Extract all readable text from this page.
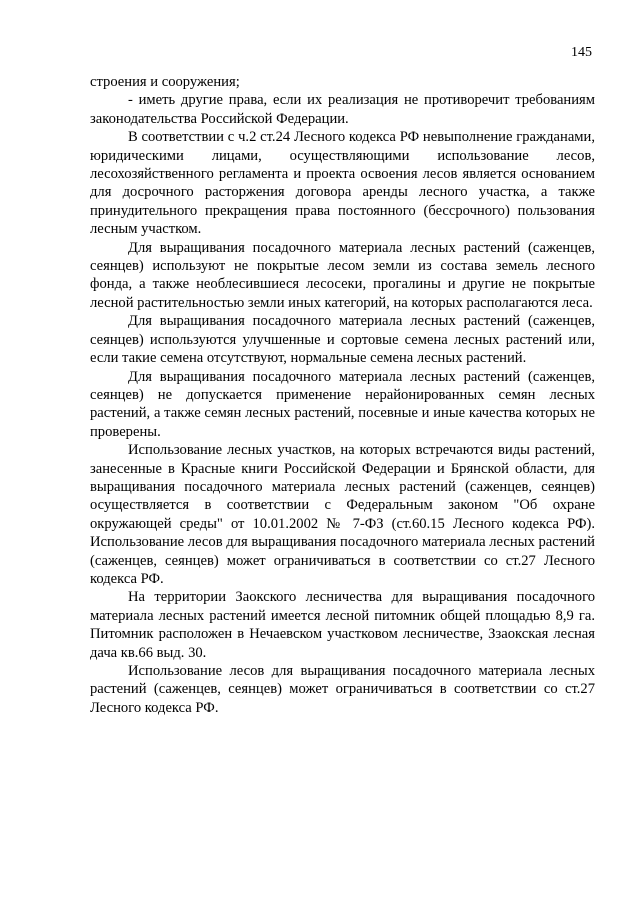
145

строения и сооружения;

- иметь другие права, если их реализация не противоречит требованиям законодательства Российской Федерации.

В соответствии с ч.2 ст.24 Лесного кодекса РФ невыполнение гражданами, юридическими лицами, осуществляющими использование лесов, лесохозяйственного регламента и проекта освоения лесов является основанием для досрочного расторжения договора аренды лесного участка, а также принудительного прекращения права постоянного (бессрочного) пользования лесным участком.

Для выращивания посадочного материала лесных растений (саженцев, сеянцев) используют не покрытые лесом земли из состава земель лесного фонда, а также необлесившиеся лесосеки, прогалины и другие не покрытые лесной растительностью земли иных категорий, на которых располагаются леса.

Для выращивания посадочного материала лесных растений (саженцев, сеянцев) используются улучшенные и сортовые семена лесных растений или, если такие семена отсутствуют, нормальные семена лесных растений.

Для выращивания посадочного материала лесных растений (саженцев, сеянцев) не допускается применение нерайонированных семян лесных растений, а также семян лесных растений, посевные и иные качества которых не проверены.

Использование лесных участков, на которых встречаются виды растений, занесенные в Красные книги Российской Федерации и Брянской области, для выращивания посадочного материала лесных растений (саженцев, сеянцев) осуществляется в соответствии с Федеральным законом "Об охране окружающей среды" от 10.01.2002 № 7-ФЗ (ст.60.15 Лесного кодекса РФ). Использование лесов для выращивания посадочного материала лесных растений (саженцев, сеянцев) может ограничиваться в соответствии со ст.27 Лесного кодекса РФ.

На территории Заокского лесничества для выращивания посадочного материала лесных растений имеется лесной питомник общей площадью 8,9 га. Питомник расположен в Нечаевском участковом лесничестве, Ззаокская лесная дача кв.66 выд. 30.

Использование лесов для выращивания посадочного материала лесных растений (саженцев, сеянцев) может ограничиваться в соответствии со ст.27 Лесного кодекса РФ.
